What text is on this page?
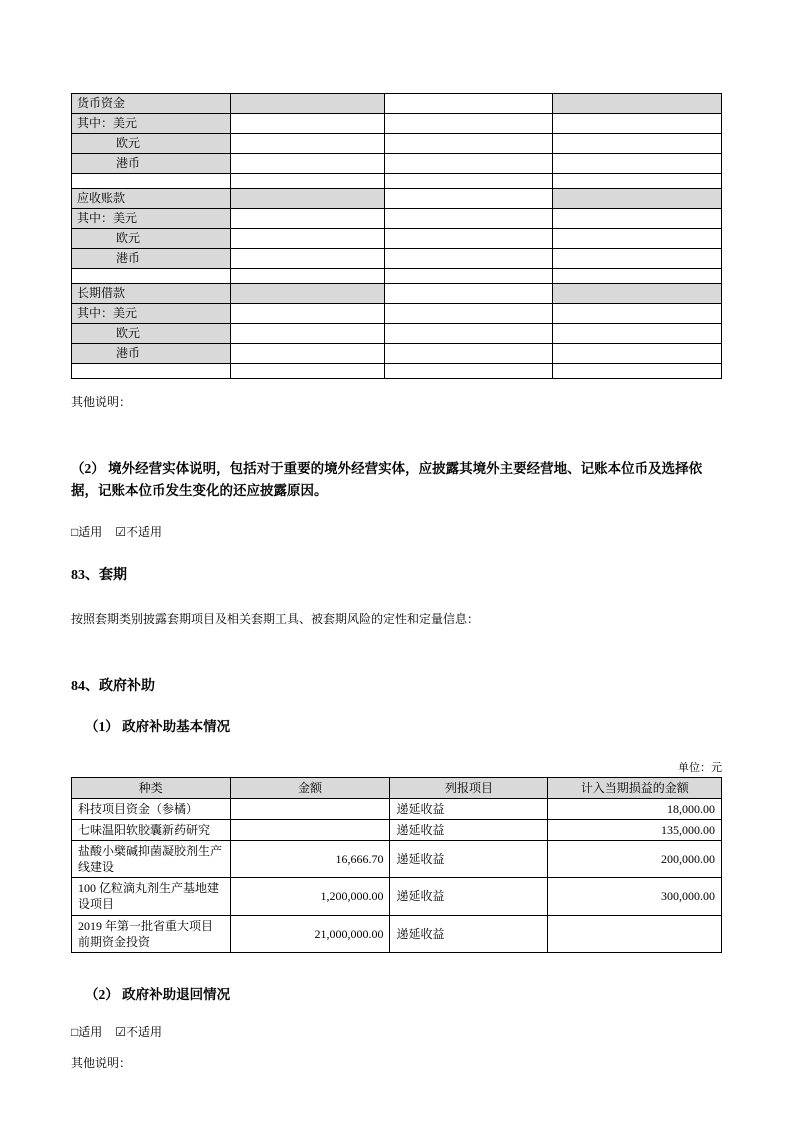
货币资金			
其中：美元			
欧元			
港币			

应收账款			
其中：美元			
欧元			
港币			

长期借款			
其中：美元			
欧元			
港币			

其他说明：
（2） 境外经营实体说明，包括对于重要的境外经营实体，应披露其境外主要经营地、记账本位币及选择依据，记账本位币发生变化的还应披露原因。
□适用 ☑不适用
83、套期
按照套期类别披露套期项目及相关套期工具、被套期风险的定性和定量信息：
84、政府补助
（1） 政府补助基本情况
单位：元
种类	金额	列报项目	计入当期损益的金额
科技项目资金（参橘）		递延收益	18,000.00
七味温阳软胶囊新药研究		递延收益	135,000.00
盐酸小檗碱抑菌凝胶剂生产线建设	16,666.70	递延收益	200,000.00
100 亿粒滴丸剂生产基地建设项目	1,200,000.00	递延收益	300,000.00
2019 年第一批省重大项目前期资金投资	21,000,000.00	递延收益	
（2） 政府补助退回情况
□适用 ☑不适用
其他说明：
